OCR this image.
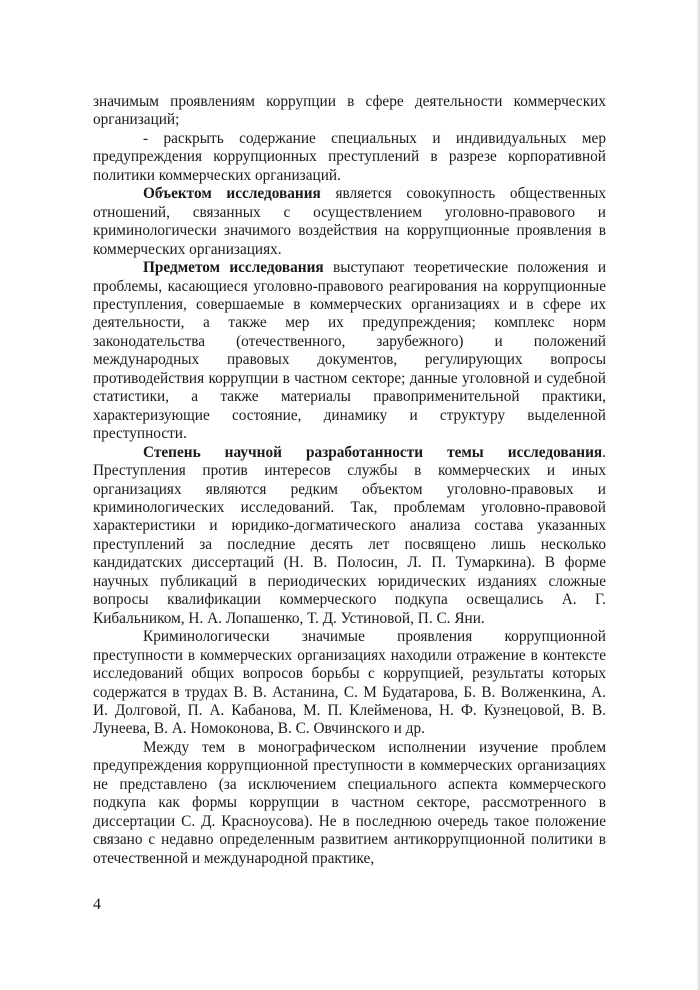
значимым проявлениям коррупции в сфере деятельности коммерческих организаций;

- раскрыть содержание специальных и индивидуальных мер предупреждения коррупционных преступлений в разрезе корпоративной политики коммерческих организаций.

Объектом исследования является совокупность общественных отношений, связанных с осуществлением уголовно-правового и криминологически значимого воздействия на коррупционные проявления в коммерческих организациях.

Предметом исследования выступают теоретические положения и проблемы, касающиеся уголовно-правового реагирования на коррупционные преступления, совершаемые в коммерческих организациях и в сфере их деятельности, а также мер их предупреждения; комплекс норм законодательства (отечественного, зарубежного) и положений международных правовых документов, регулирующих вопросы противодействия коррупции в частном секторе; данные уголовной и судебной статистики, а также материалы правоприменительной практики, характеризующие состояние, динамику и структуру выделенной преступности.

Степень научной разработанности темы исследования. Преступления против интересов службы в коммерческих и иных организациях являются редким объектом уголовно-правовых и криминологических исследований. Так, проблемам уголовно-правовой характеристики и юридико-догматического анализа состава указанных преступлений за последние десять лет посвящено лишь несколько кандидатских диссертаций (Н. В. Полосин, Л. П. Тумаркина). В форме научных публикаций в периодических юридических изданиях сложные вопросы квалификации коммерческого подкупа освещались А. Г. Кибальником, Н. А. Лопашенко, Т. Д. Устиновой, П. С. Яни.

Криминологически значимые проявления коррупционной преступности в коммерческих организациях находили отражение в контексте исследований общих вопросов борьбы с коррупцией, результаты которых содержатся в трудах В. В. Астанина, С. М Будатарова, Б. В. Волженкина, А. И. Долговой, П. А. Кабанова, М. П. Клейменова, Н. Ф. Кузнецовой, В. В. Лунеева, В. А. Номоконова, В. С. Овчинского и др.

Между тем в монографическом исполнении изучение проблем предупреждения коррупционной преступности в коммерческих организациях не представлено (за исключением специального аспекта коммерческого подкупа как формы коррупции в частном секторе, рассмотренного в диссертации С. Д. Красноусова). Не в последнюю очередь такое положение связано с недавно определенным развитием антикоррупционной политики в отечественной и международной практике,

4
